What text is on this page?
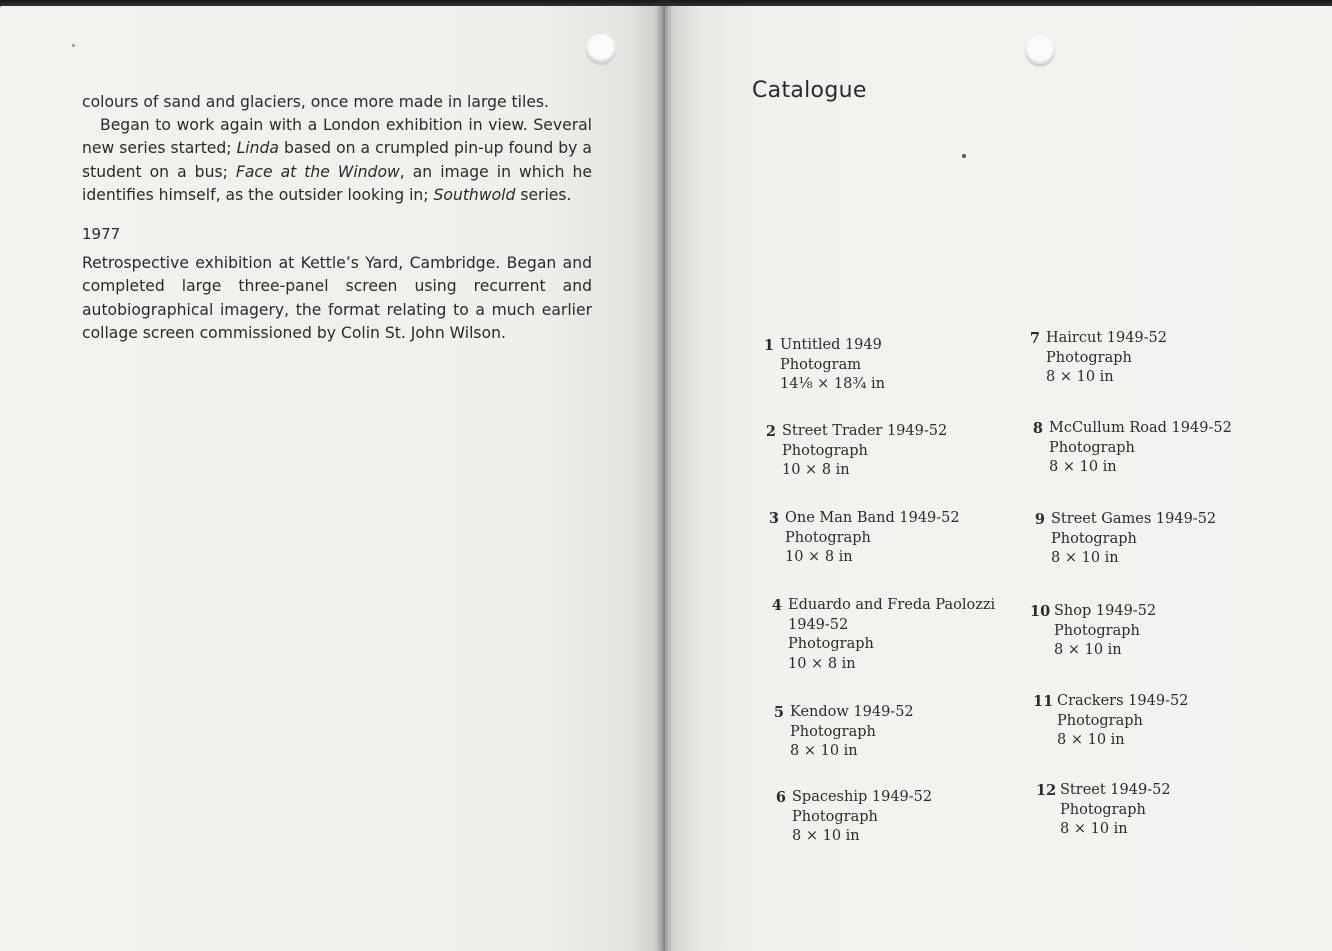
colours of sand and glaciers, once more made in large tiles.

Began to work again with a London exhibition in view. Several new series started; Linda based on a crumpled pin-up found by a student on a bus; Face at the Window, an image in which he identifies himself, as the outsider looking in; Southwold series.

1977

Retrospective exhibition at Kettle’s Yard, Cambridge. Began and completed large three-panel screen using recurrent and autobiographical imagery, the format relating to a much earlier collage screen commissioned by Colin St. John Wilson.

Catalogue
1 Untitled 1949
Photogram
14⅛ × 18¾ in
2 Street Trader 1949-52
Photograph
10 × 8 in
3 One Man Band 1949-52
Photograph
10 × 8 in
4 Eduardo and Freda Paolozzi
1949-52
Photograph
10 × 8 in
5 Kendow 1949-52
Photograph
8 × 10 in
6 Spaceship 1949-52
Photograph
8 × 10 in
7 Haircut 1949-52
Photograph
8 × 10 in
8 McCullum Road 1949-52
Photograph
8 × 10 in
9 Street Games 1949-52
Photograph
8 × 10 in
10 Shop 1949-52
Photograph
8 × 10 in
11 Crackers 1949-52
Photograph
8 × 10 in
12 Street 1949-52
Photograph
8 × 10 in
